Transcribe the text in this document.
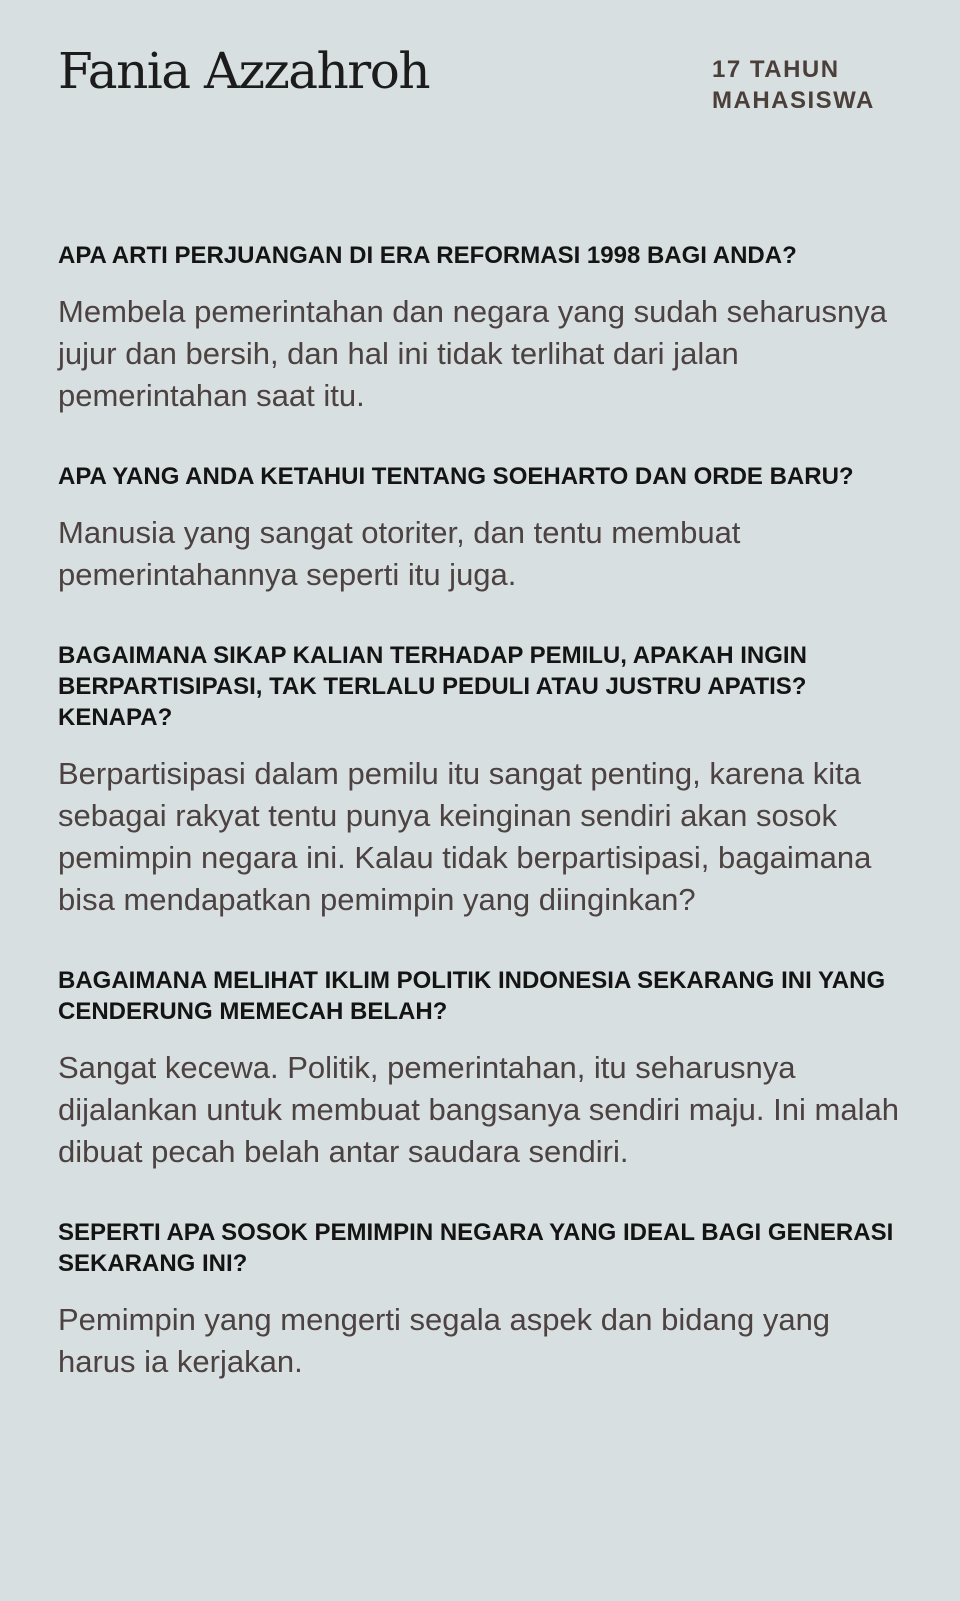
Fania Azzahroh	17 TAHUN
MAHASISWA
APA ARTI PERJUANGAN DI ERA REFORMASI 1998 BAGI ANDA?

Membela pemerintahan dan negara yang sudah seharusnya jujur dan bersih, dan hal ini tidak terlihat dari jalan pemerintahan saat itu.

APA YANG ANDA KETAHUI TENTANG SOEHARTO DAN ORDE BARU?

Manusia yang sangat otoriter, dan tentu membuat pemerintahannya seperti itu juga.

BAGAIMANA SIKAP KALIAN TERHADAP PEMILU, APAKAH INGIN BERPARTISIPASI, TAK TERLALU PEDULI ATAU JUSTRU APATIS? KENAPA?

Berpartisipasi dalam pemilu itu sangat penting, karena kita sebagai rakyat tentu punya keinginan sendiri akan sosok pemimpin negara ini. Kalau tidak berpartisipasi, bagaimana bisa mendapatkan pemimpin yang diinginkan?

BAGAIMANA MELIHAT IKLIM POLITIK INDONESIA SEKARANG INI YANG CENDERUNG MEMECAH BELAH?

Sangat kecewa. Politik, pemerintahan, itu seharusnya dijalankan untuk membuat bangsanya sendiri maju. Ini malah dibuat pecah belah antar saudara sendiri.

SEPERTI APA SOSOK PEMIMPIN NEGARA YANG IDEAL BAGI GENERASI SEKARANG INI?

Pemimpin yang mengerti segala aspek dan bidang yang harus ia kerjakan.
